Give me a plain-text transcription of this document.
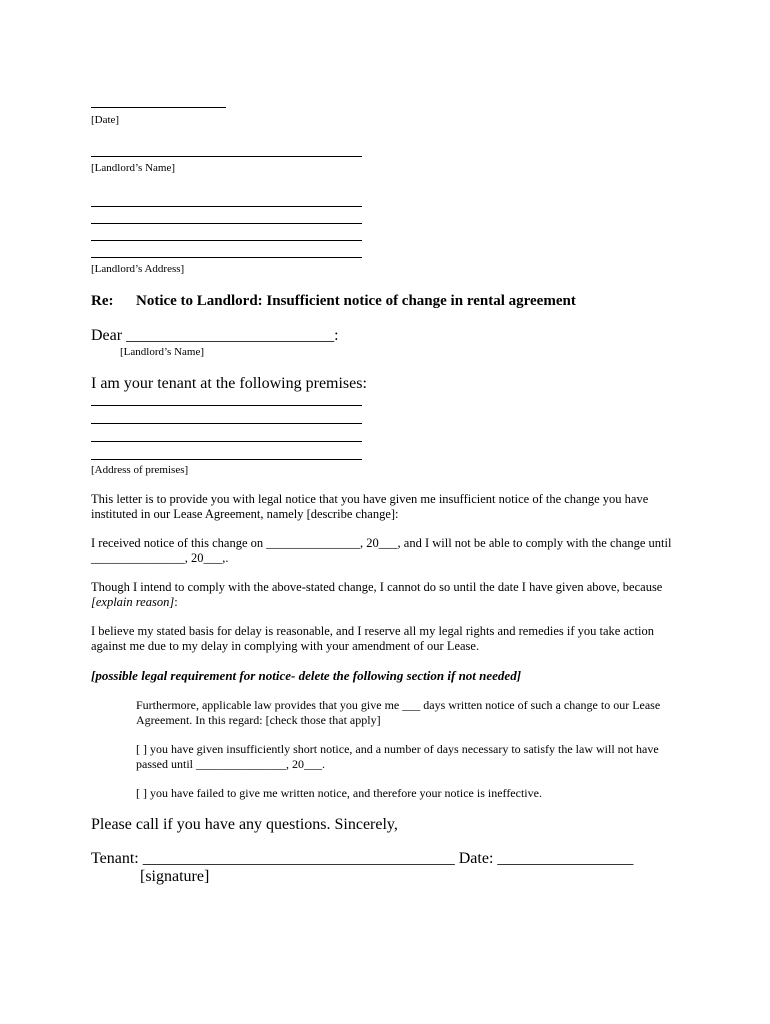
[Date]
[Landlord’s Name]
[Landlord’s Address]
Re: Notice to Landlord: Insufficient notice of change in rental agreement
Dear __________________________:
[Landlord’s Name]
I am your tenant at the following premises:
[Address of premises]
This letter is to provide you with legal notice that you have given me insufficient notice of the change you have instituted in our Lease Agreement, namely [describe change]:
I received notice of this change on _______________, 20___, and I will not be able to comply with the change until _______________, 20___,.
Though I intend to comply with the above-stated change, I cannot do so until the date I have given above, because [explain reason]:
I believe my stated basis for delay is reasonable, and I reserve all my legal rights and remedies if you take action against me due to my delay in complying with your amendment of our Lease.
[possible legal requirement for notice- delete the following section if not needed]
Furthermore, applicable law provides that you give me ___ days written notice of such a change to our Lease Agreement. In this regard: [check those that apply]
[ ] you have given insufficiently short notice, and a number of days necessary to satisfy the law will not have passed until _______________, 20___.
[ ] you have failed to give me written notice, and therefore your notice is ineffective.
Please call if you have any questions. Sincerely,
Tenant: _______________________________________ Date: _________________
[signature]
